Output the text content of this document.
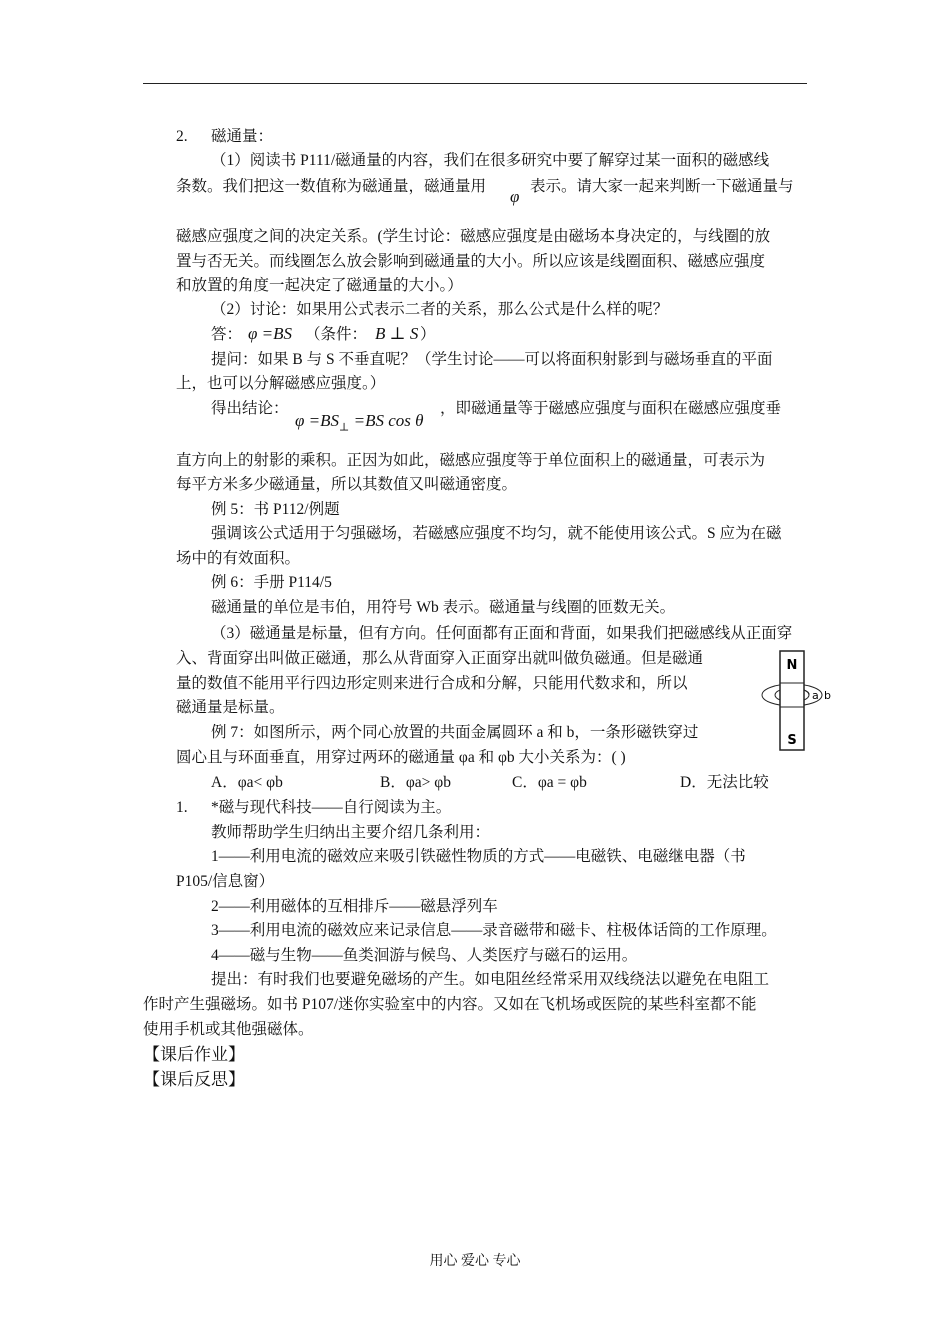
2. 磁通量：
（1）阅读书 P111/磁通量的内容，我们在很多研究中要了解穿过某一面积的磁感线
条数。我们把这一数值称为磁通量，磁通量用
φ
表示。请大家一起来判断一下磁通量与
磁感应强度之间的决定关系。(学生讨论：磁感应强度是由磁场本身决定的，与线圈的放
置与否无关。而线圈怎么放会影响到磁通量的大小。所以应该是线圈面积、磁感应强度
和放置的角度一起决定了磁通量的大小。）
（2）讨论：如果用公式表示二者的关系，那么公式是什么样的呢？
答： φ =BS （条件： B ⊥ S ）
提问：如果 B 与 S 不垂直呢？（学生讨论——可以将面积射影到与磁场垂直的平面
上，也可以分解磁感应强度。）
得出结论：
$\varphi =BS_\perp =BS$ cos θ
，即磁通量等于磁感应强度与面积在磁感应强度垂
直方向上的射影的乘积。正因为如此，磁感应强度等于单位面积上的磁通量，可表示为
每平方米多少磁通量，所以其数值又叫磁通密度。
例 5：书 P112/例题
强调该公式适用于匀强磁场，若磁感应强度不均匀，就不能使用该公式。S 应为在磁
场中的有效面积。
例 6：手册 P114/5
磁通量的单位是韦伯，用符号 Wb 表示。磁通量与线圈的匝数无关。
（3）磁通量是标量，但有方向。任何面都有正面和背面，如果我们把磁感线从正面穿
入、背面穿出叫做正磁通，那么从背面穿入正面穿出就叫做负磁通。但是磁通
量的数值不能用平行四边形定则来进行合成和分解，只能用代数求和，所以
磁通量是标量。
例 7：如图所示，两个同心放置的共面金属圆环 a 和 b，一条形磁铁穿过
圆心且与环面垂直，用穿过两环的磁通量 φa 和 φb 大小关系为：( )
A．φa< φb	B．φa> φb	C．φa = φb	D．无法比较
N
S
a b
1. *磁与现代科技——自行阅读为主。
教师帮助学生归纳出主要介绍几条利用：
1——利用电流的磁效应来吸引铁磁性物质的方式——电磁铁、电磁继电器（书
P105/信息窗）
2——利用磁体的互相排斥——磁悬浮列车
3——利用电流的磁效应来记录信息——录音磁带和磁卡、柱极体话筒的工作原理。
4——磁与生物——鱼类洄游与候鸟、人类医疗与磁石的运用。
提出：有时我们也要避免磁场的产生。如电阻丝经常采用双线绕法以避免在电阻工
作时产生强磁场。如书 P107/迷你实验室中的内容。又如在飞机场或医院的某些科室都不能
使用手机或其他强磁体。
【课后作业】
【课后反思】
用心 爱心 专心
